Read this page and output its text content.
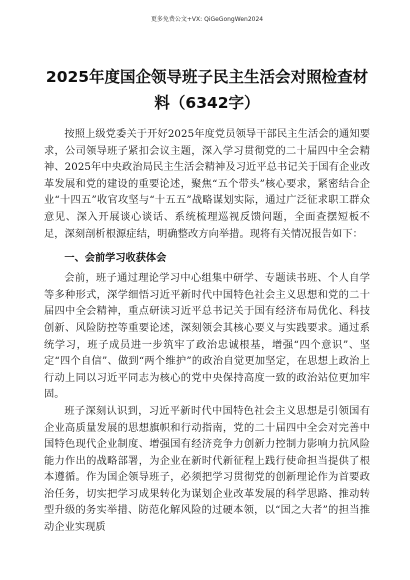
更多免费公文+VX: QiGeGongWen2024
2025年度国企领导班子民主生活会对照检查材料（6342字）

按照上级党委关于开好2025年度党员领导干部民主生活会的通知要求，公司领导班子紧扣会议主题，深入学习贯彻党的二十届四中全会精神、2025年中央政治局民主生活会精神及习近平总书记关于国有企业改革发展和党的建设的重要论述，聚焦“五个带头”核心要求，紧密结合企业“十四五”收官攻坚与“十五五”战略谋划实际，通过广泛征求职工群众意见、深入开展谈心谈话、系统梳理巡视反馈问题，全面查摆短板不足，深刻剖析根源症结，明确整改方向举措。现将有关情况报告如下：

一、会前学习收获体会

会前，班子通过理论学习中心组集中研学、专题读书班、个人自学等多种形式，深学细悟习近平新时代中国特色社会主义思想和党的二十届四中全会精神，重点研读习近平总书记关于国有经济布局优化、科技创新、风险防控等重要论述，深刻领会其核心要义与实践要求。通过系统学习，班子成员进一步筑牢了政治忠诚根基，增强“四个意识”、坚定“四个自信”、做到“两个维护”的政治自觉更加坚定，在思想上政治上行动上同以习近平同志为核心的党中央保持高度一致的政治站位更加牢固。

班子深刻认识到，习近平新时代中国特色社会主义思想是引领国有企业高质量发展的思想旗帜和行动指南，党的二十届四中全会对完善中国特色现代企业制度、增强国有经济竞争力创新力控制力影响力抗风险能力作出的战略部署，为企业在新时代新征程上践行使命担当提供了根本遵循。作为国企领导班子，必须把学习贯彻党的创新理论作为首要政治任务，切实把学习成果转化为谋划企业改革发展的科学思路、推动转型升级的务实举措、防范化解风险的过硬本领，以“国之大者”的担当推动企业实现质
